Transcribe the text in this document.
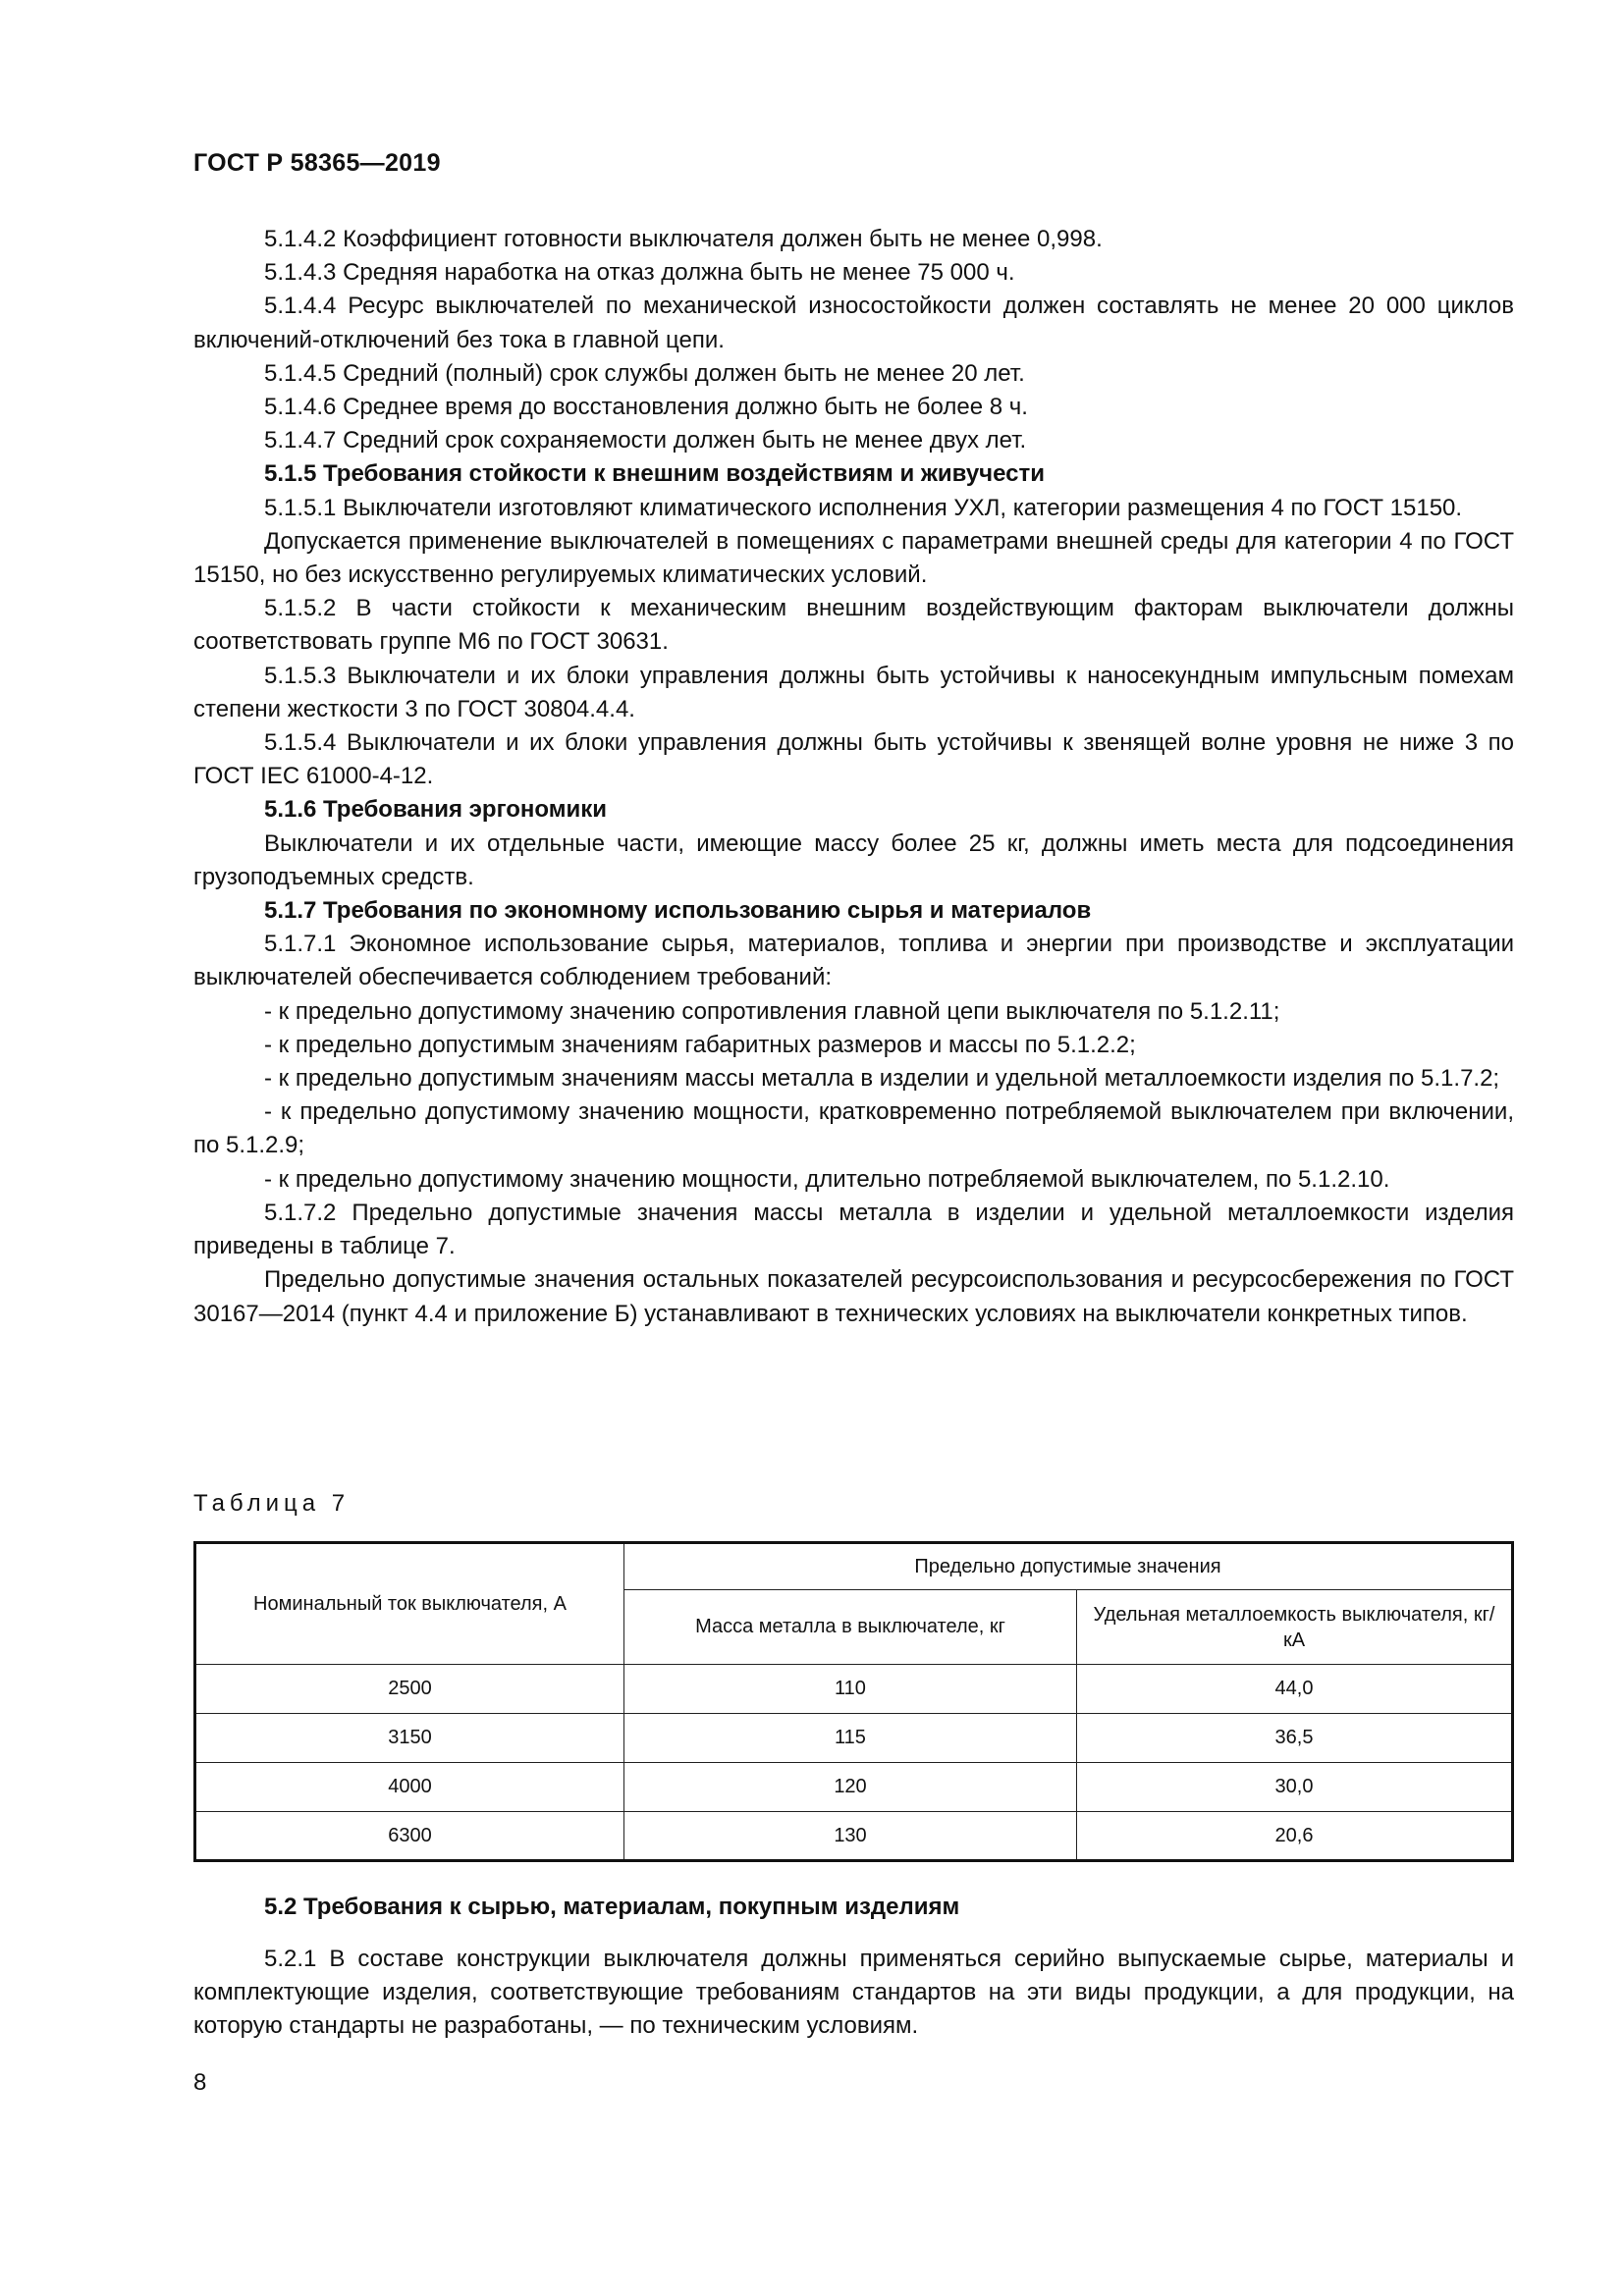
ГОСТ Р 58365—2019

5.1.4.2 Коэффициент готовности выключателя должен быть не менее 0,998.

5.1.4.3 Средняя наработка на отказ должна быть не менее 75 000 ч.

5.1.4.4 Ресурс выключателей по механической износостойкости должен составлять не менее 20 000 циклов включений-отключений без тока в главной цепи.

5.1.4.5 Средний (полный) срок службы должен быть не менее 20 лет.

5.1.4.6 Среднее время до восстановления должно быть не более 8 ч.

5.1.4.7 Средний срок сохраняемости должен быть не менее двух лет.

5.1.5 Требования стойкости к внешним воздействиям и живучести

5.1.5.1 Выключатели изготовляют климатического исполнения УХЛ, категории размещения 4 по ГОСТ 15150.

Допускается применение выключателей в помещениях с параметрами внешней среды для категории 4 по ГОСТ 15150, но без искусственно регулируемых климатических условий.

5.1.5.2 В части стойкости к механическим внешним воздействующим факторам выключатели должны соответствовать группе М6 по ГОСТ 30631.

5.1.5.3 Выключатели и их блоки управления должны быть устойчивы к наносекундным импульсным помехам степени жесткости 3 по ГОСТ 30804.4.4.

5.1.5.4 Выключатели и их блоки управления должны быть устойчивы к звенящей волне уровня не ниже 3 по ГОСТ IEC 61000-4-12.

5.1.6 Требования эргономики

Выключатели и их отдельные части, имеющие массу более 25 кг, должны иметь места для подсоединения грузоподъемных средств.

5.1.7 Требования по экономному использованию сырья и материалов

5.1.7.1 Экономное использование сырья, материалов, топлива и энергии при производстве и эксплуатации выключателей обеспечивается соблюдением требований:

- к предельно допустимому значению сопротивления главной цепи выключателя по 5.1.2.11;

- к предельно допустимым значениям габаритных размеров и массы по 5.1.2.2;

- к предельно допустимым значениям массы металла в изделии и удельной металлоемкости изделия по 5.1.7.2;

- к предельно допустимому значению мощности, кратковременно потребляемой выключателем при включении, по 5.1.2.9;

- к предельно допустимому значению мощности, длительно потребляемой выключателем, по 5.1.2.10.

5.1.7.2 Предельно допустимые значения массы металла в изделии и удельной металлоемкости изделия приведены в таблице 7.

Предельно допустимые значения остальных показателей ресурсоиспользования и ресурсосбережения по ГОСТ 30167—2014 (пункт 4.4 и приложение Б) устанавливают в технических условиях на выключатели конкретных типов.

Таблица 7
Номинальный ток выключателя, А	Предельно допустимые значения	
	Масса металла в выключателе, кг	Удельная металлоемкость выключателя, кг/кА
2500	110	44,0
3150	115	36,5
4000	120	30,0
6300	130	20,6
5.2 Требования к сырью, материалам, покупным изделиям

5.2.1 В составе конструкции выключателя должны применяться серийно выпускаемые сырье, материалы и комплектующие изделия, соответствующие требованиям стандартов на эти виды продукции, а для продукции, на которую стандарты не разработаны, — по техническим условиям.

8
